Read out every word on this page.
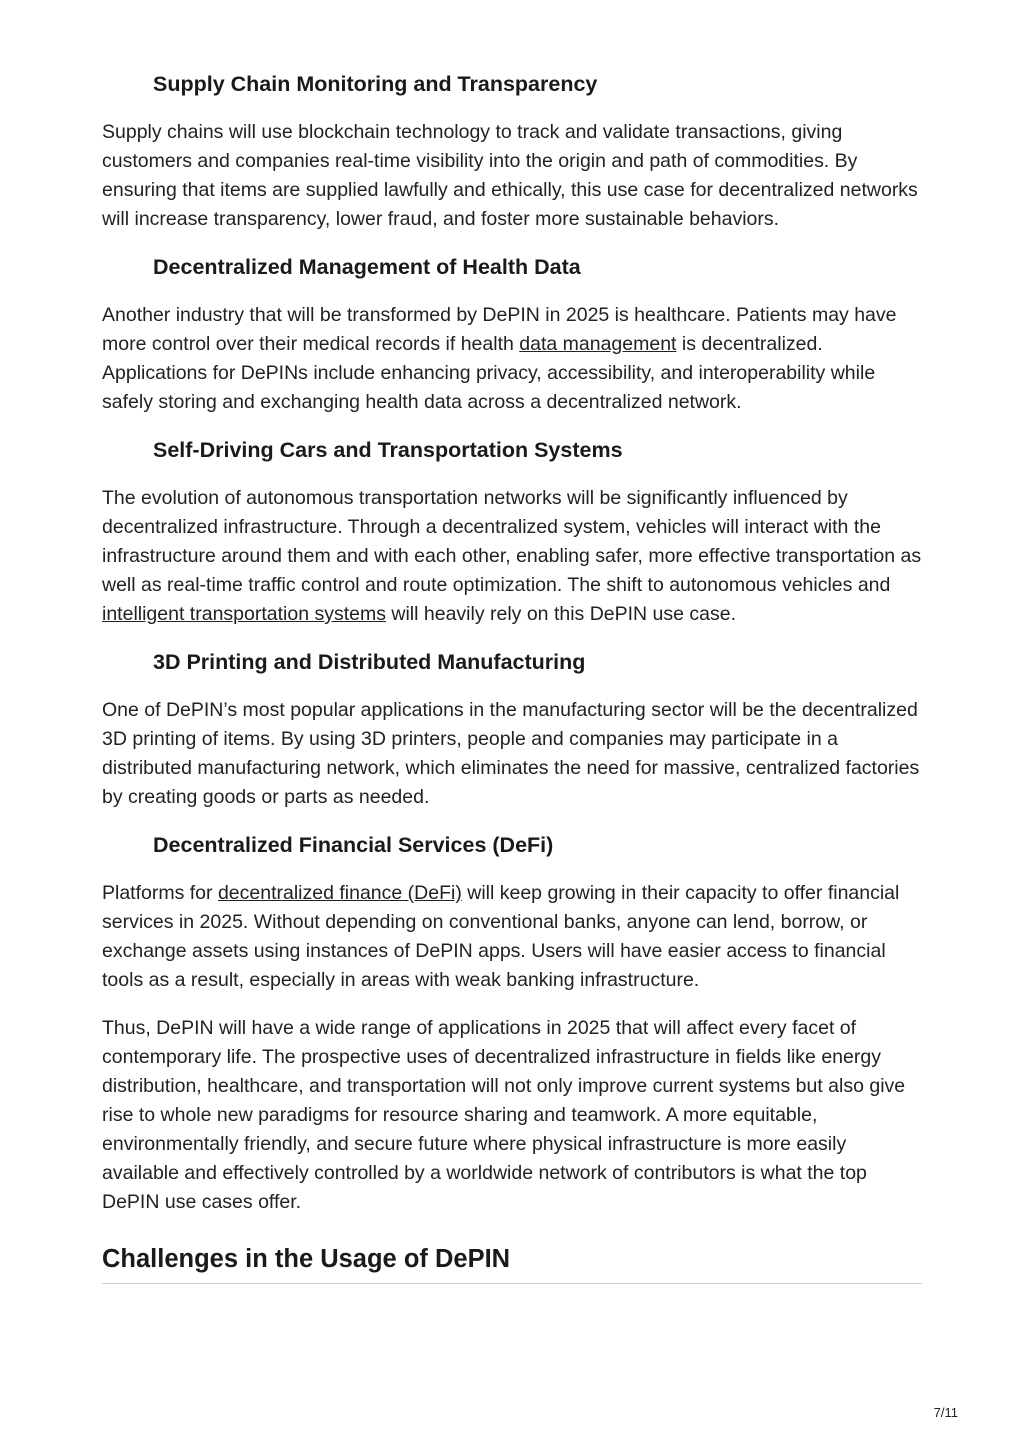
Supply Chain Monitoring and Transparency

Supply chains will use blockchain technology to track and validate transactions, giving customers and companies real-time visibility into the origin and path of commodities. By ensuring that items are supplied lawfully and ethically, this use case for decentralized networks will increase transparency, lower fraud, and foster more sustainable behaviors.

Decentralized Management of Health Data

Another industry that will be transformed by DePIN in 2025 is healthcare. Patients may have more control over their medical records if health data management is decentralized. Applications for DePINs include enhancing privacy, accessibility, and interoperability while safely storing and exchanging health data across a decentralized network.

Self-Driving Cars and Transportation Systems

The evolution of autonomous transportation networks will be significantly influenced by decentralized infrastructure. Through a decentralized system, vehicles will interact with the infrastructure around them and with each other, enabling safer, more effective transportation as well as real-time traffic control and route optimization. The shift to autonomous vehicles and intelligent transportation systems will heavily rely on this DePIN use case.

3D Printing and Distributed Manufacturing

One of DePIN’s most popular applications in the manufacturing sector will be the decentralized 3D printing of items. By using 3D printers, people and companies may participate in a distributed manufacturing network, which eliminates the need for massive, centralized factories by creating goods or parts as needed.

Decentralized Financial Services (DeFi)

Platforms for decentralized finance (DeFi) will keep growing in their capacity to offer financial services in 2025. Without depending on conventional banks, anyone can lend, borrow, or exchange assets using instances of DePIN apps. Users will have easier access to financial tools as a result, especially in areas with weak banking infrastructure.

Thus, DePIN will have a wide range of applications in 2025 that will affect every facet of contemporary life. The prospective uses of decentralized infrastructure in fields like energy distribution, healthcare, and transportation will not only improve current systems but also give rise to whole new paradigms for resource sharing and teamwork. A more equitable, environmentally friendly, and secure future where physical infrastructure is more easily available and effectively controlled by a worldwide network of contributors is what the top DePIN use cases offer.

Challenges in the Usage of DePIN
7/11
